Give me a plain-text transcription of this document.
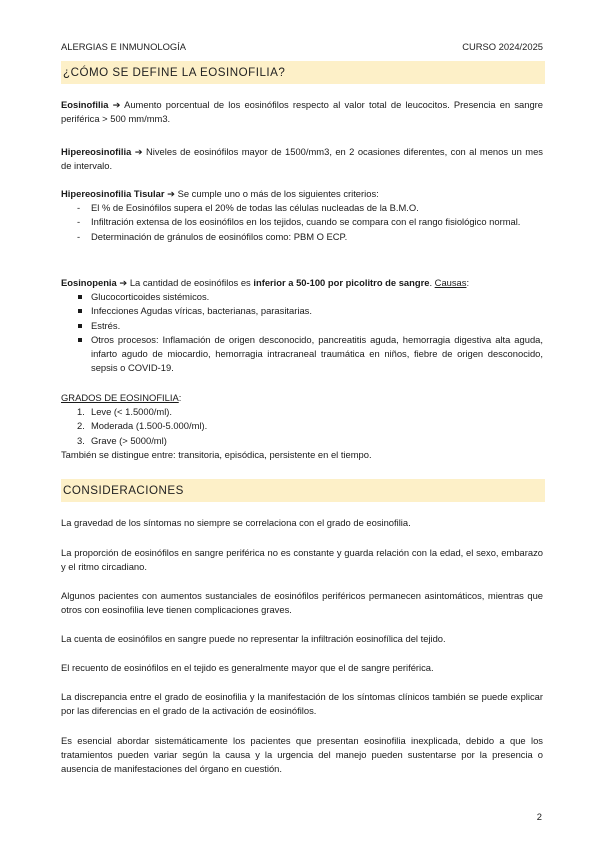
ALERGIAS E INMUNOLOGÍA	CURSO 2024/2025
¿CÓMO SE DEFINE LA EOSINOFILIA?

Eosinofilia ➔ Aumento porcentual de los eosinófilos respecto al valor total de leucocitos. Presencia en sangre periférica > 500 mm/mm3.

Hipereosinofilia ➔ Niveles de eosinófilos mayor de 1500/mm3, en 2 ocasiones diferentes, con al menos un mes de intervalo.

Hipereosinofilia Tisular ➔ Se cumple uno o más de los siguientes criterios:

- El % de Eosinófilos supera el 20% de todas las células nucleadas de la B.M.O.
- Infiltración extensa de los eosinófilos en los tejidos, cuando se compara con el rango fisiológico normal.
- Determinación de gránulos de eosinófilos como: PBM O ECP.

Eosinopenia ➔ La cantidad de eosinófilos es inferior a 50-100 por picolitro de sangre. Causas:

Glucocorticoides sistémicos.
Infecciones Agudas víricas, bacterianas, parasitarias.
Estrés.
Otros procesos: Inflamación de origen desconocido, pancreatitis aguda, hemorragia digestiva alta aguda, infarto agudo de miocardio, hemorragia intracraneal traumática en niños, fiebre de origen desconocido, sepsis o COVID-19.

GRADOS DE EOSINOFILIA:

1. Leve (< 1.5000/ml).
2. Moderada (1.500-5.000/ml).
3. Grave (> 5000/ml)

También se distingue entre: transitoria, episódica, persistente en el tiempo.

CONSIDERACIONES

La gravedad de los síntomas no siempre se correlaciona con el grado de eosinofilia.

La proporción de eosinófilos en sangre periférica no es constante y guarda relación con la edad, el sexo, embarazo y el ritmo circadiano.

Algunos pacientes con aumentos sustanciales de eosinófilos periféricos permanecen asintomáticos, mientras que otros con eosinofilia leve tienen complicaciones graves.

La cuenta de eosinófilos en sangre puede no representar la infiltración eosinofílica del tejido.

El recuento de eosinófilos en el tejido es generalmente mayor que el de sangre periférica.

La discrepancia entre el grado de eosinofilia y la manifestación de los síntomas clínicos también se puede explicar por las diferencias en el grado de la activación de eosinófilos.

Es esencial abordar sistemáticamente los pacientes que presentan eosinofilia inexplicada, debido a que los tratamientos pueden variar según la causa y la urgencia del manejo pueden sustentarse por la presencia o ausencia de manifestaciones del órgano en cuestión.

2
